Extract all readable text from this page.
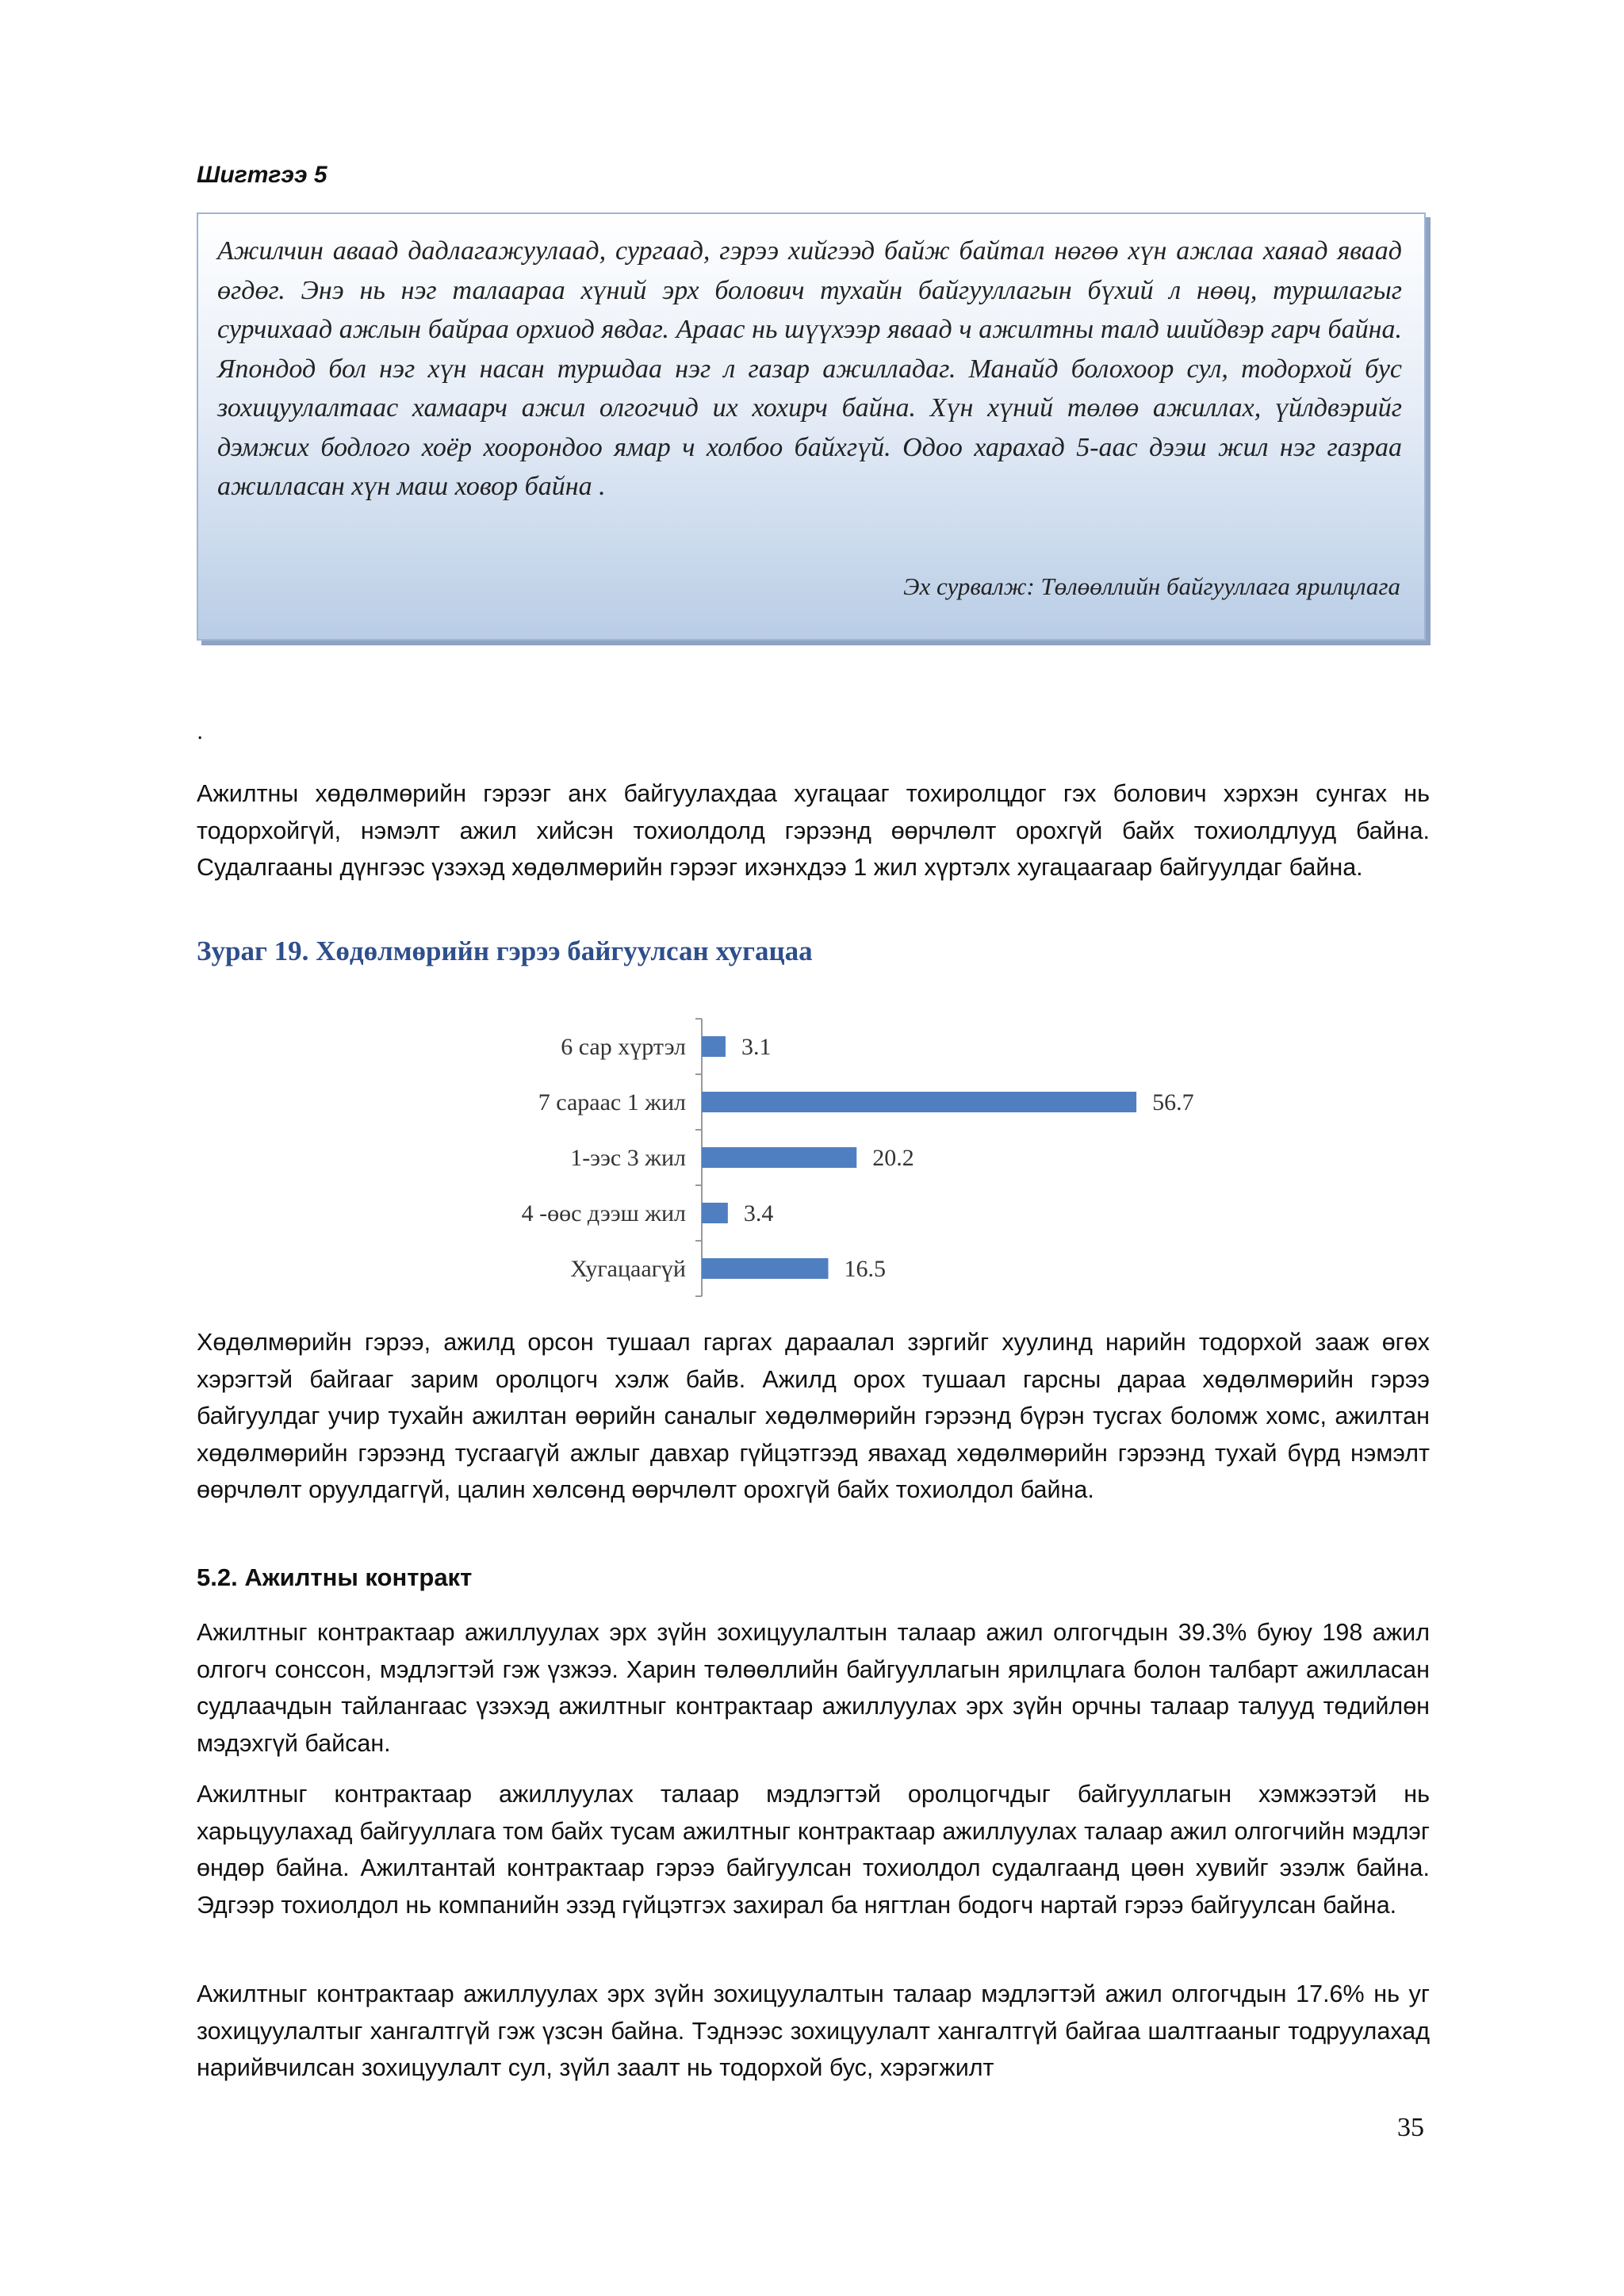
Шигтгээ 5
Ажилчин аваад дадлагажуулаад, сургаад, гэрээ хийгээд байж байтал нөгөө хүн ажлаа хаяад яваад өгдөг. Энэ нь нэг талаараа хүний эрх болович тухайн байгууллагын бүхий л нөөц, туршлагыг сурчихаад ажлын байраа орхиод явдаг. Араас нь шүүхээр яваад ч ажилтны талд шийдвэр гарч байна. Япондод бол нэг хүн насан туршдаа нэг л газар ажилладаг. Манайд болохоор сул, тодорхой бус зохицуулалтаас хамаарч ажил олгогчид их хохирч байна. Хүн хүний төлөө ажиллах, үйлдвэрийг дэмжих бодлого хоёр хоорондоо ямар ч холбоо байхгүй. Одоо харахад 5-аас дээш жил нэг газраа ажилласан хүн маш ховор байна .
Эх сурвалж: Төлөөллийн байгууллага ярилцлага
.

Ажилтны хөдөлмөрийн гэрээг анх байгуулахдаа хугацааг тохиролцдог гэх болович хэрхэн сунгах нь тодорхойгүй, нэмэлт ажил хийсэн тохиолдолд гэрээнд өөрчлөлт орохгүй байх тохиолдлууд байна. Судалгааны дүнгээс үзэхэд хөдөлмөрийн гэрээг ихэнхдээ 1 жил хүртэлх хугацаагаар байгуулдаг байна.

Зураг 19. Хөдөлмөрийн гэрээ байгуулсан хугацаа
6 сар хүртэл
7 сараас 1 жил
1-ээс 3 жил
4 -өөс дээш жил
Хугацаагүй
3.1
56.7
20.2
3.4
16.5

Хөдөлмөрийн гэрээ, ажилд орсон тушаал гаргах дараалал зэргийг хуулинд нарийн тодорхой зааж өгөх хэрэгтэй байгааг зарим оролцогч хэлж байв. Ажилд орох тушаал гарсны дараа хөдөлмөрийн гэрээ байгуулдаг учир тухайн ажилтан өөрийн саналыг хөдөлмөрийн гэрээнд бүрэн тусгах боломж хомс, ажилтан хөдөлмөрийн гэрээнд тусгаагүй ажлыг давхар гүйцэтгээд явахад хөдөлмөрийн гэрээнд тухай бүрд нэмэлт өөрчлөлт оруулдаггүй, цалин хөлсөнд өөрчлөлт орохгүй байх тохиолдол байна.

5.2. Ажилтны контракт

Ажилтныг контрактаар ажиллуулах эрх зүйн зохицуулалтын талаар ажил олгогчдын 39.3% буюу 198 ажил олгогч сонссон, мэдлэгтэй гэж үзжээ. Харин төлөөллийн байгууллагын ярилцлага болон талбарт ажилласан судлаачдын тайлангаас үзэхэд ажилтныг контрактаар ажиллуулах эрх зүйн орчны талаар талууд төдийлөн мэдэхгүй байсан.

Ажилтныг контрактаар ажиллуулах талаар мэдлэгтэй оролцогчдыг байгууллагын хэмжээтэй нь харьцуулахад байгууллага том байх тусам ажилтныг контрактаар ажиллуулах талаар ажил олгогчийн мэдлэг өндөр байна. Ажилтантай контрактаар гэрээ байгуулсан тохиолдол судалгаанд цөөн хувийг эзэлж байна. Эдгээр тохиолдол нь компанийн эзэд гүйцэтгэх захирал ба нягтлан бодогч нартай гэрээ байгуулсан байна.

Ажилтныг контрактаар ажиллуулах эрх зүйн зохицуулалтын талаар мэдлэгтэй ажил олгогчдын 17.6% нь уг зохицуулалтыг хангалтгүй гэж үзсэн байна. Тэднээс зохицуулалт хангалтгүй байгаа шалтгааныг тодруулахад нарийвчилсан зохицуулалт сул, зүйл заалт нь тодорхой бус, хэрэгжилт

35
